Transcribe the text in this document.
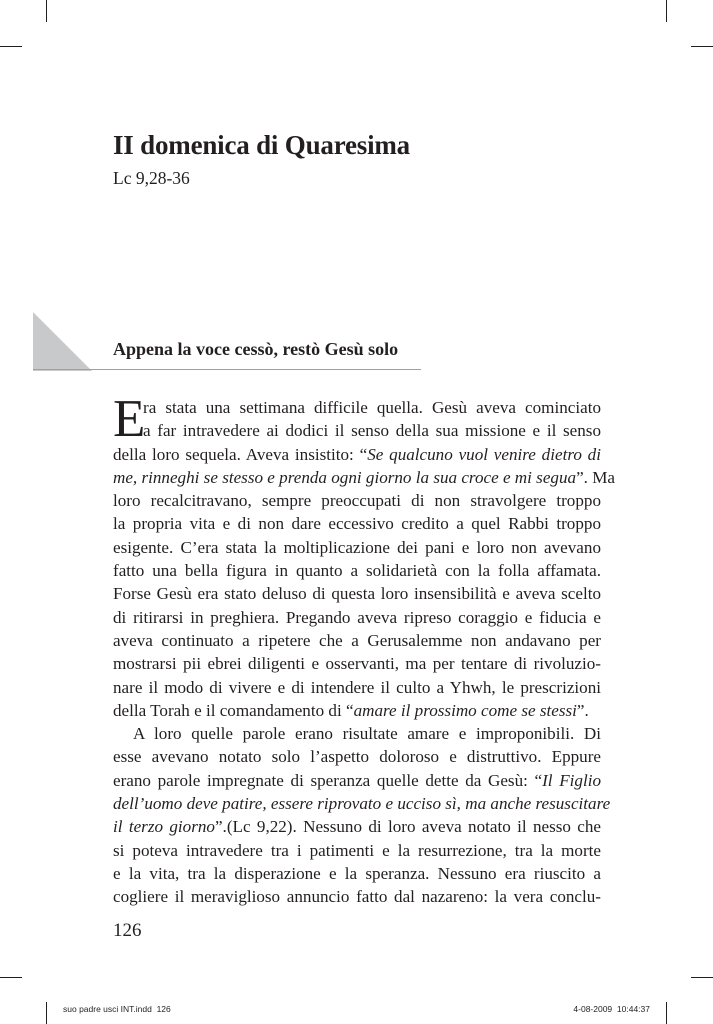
II domenica di Quaresima
Lc 9,28-36
Appena la voce cessò, restò Gesù solo
E
ra stata una settimana difficile quella. Gesù aveva cominciato
a far intravedere ai dodici il senso della sua missione e il senso
della loro sequela. Aveva insistito: “Se qualcuno vuol venire dietro di
me, rinneghi se stesso e prenda ogni giorno la sua croce e mi segua”. Ma
loro recalcitravano, sempre preoccupati di non stravolgere troppo
la propria vita e di non dare eccessivo credito a quel Rabbi troppo
esigente. C’era stata la moltiplicazione dei pani e loro non avevano
fatto una bella figura in quanto a solidarietà con la folla affamata.
Forse Gesù era stato deluso di questa loro insensibilità e aveva scelto
di ritirarsi in preghiera. Pregando aveva ripreso coraggio e fiducia e
aveva continuato a ripetere che a Gerusalemme non andavano per
mostrarsi pii ebrei diligenti e osservanti, ma per tentare di rivoluzio-
nare il modo di vivere e di intendere il culto a Yhwh, le prescrizioni
della Torah e il comandamento di “amare il prossimo come se stessi”.
A loro quelle parole erano risultate amare e improponibili. Di
esse avevano notato solo l’aspetto doloroso e distruttivo. Eppure
erano parole impregnate di speranza quelle dette da Gesù: “Il Figlio
dell’uomo deve patire, essere riprovato e ucciso sì, ma anche resuscitare
il terzo giorno”.(Lc 9,22). Nessuno di loro aveva notato il nesso che
si poteva intravedere tra i patimenti e la resurrezione, tra la morte
e la vita, tra la disperazione e la speranza. Nessuno era riuscito a
cogliere il meraviglioso annuncio fatto dal nazareno: la vera conclu-
126
suo padre usci INT.indd 126	4-08-2009 10:44:37
